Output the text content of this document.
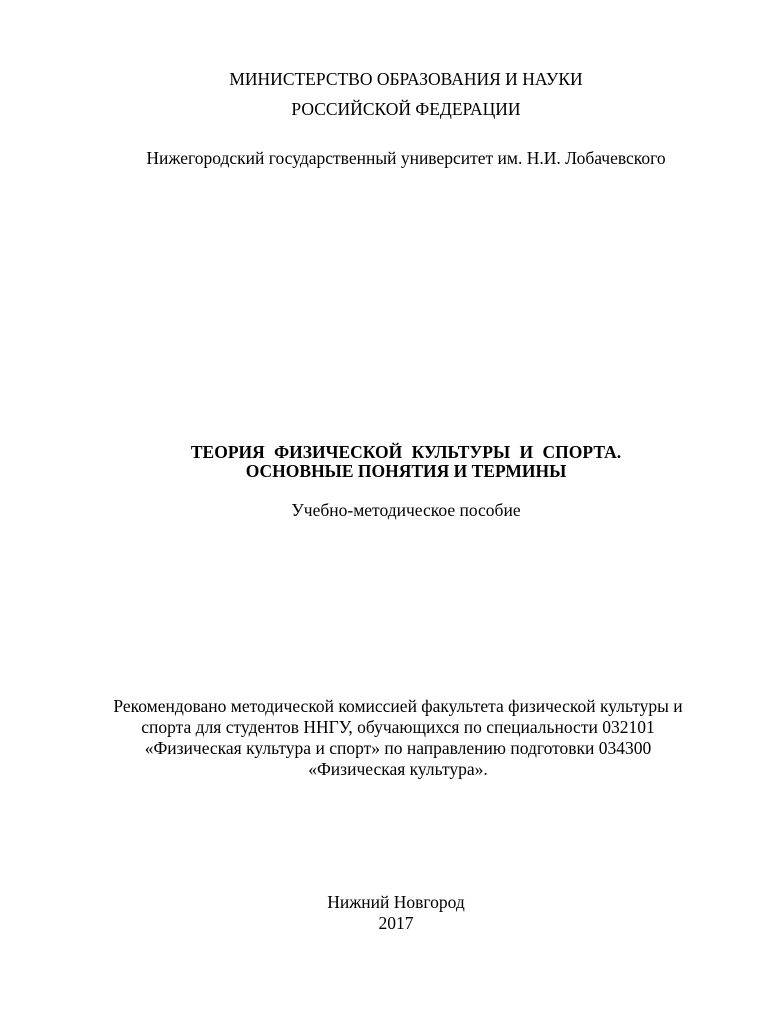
МИНИСТЕРСТВО ОБРАЗОВАНИЯ И НАУКИ
РОССИЙСКОЙ ФЕДЕРАЦИИ
Нижегородский государственный университет им. Н.И. Лобачевского
ТЕОРИЯ ФИЗИЧЕСКОЙ КУЛЬТУРЫ И СПОРТА.
ОСНОВНЫЕ ПОНЯТИЯ И ТЕРМИНЫ
Учебно-методическое пособие
Рекомендовано методической комиссией факультета физической культуры и
спорта для студентов ННГУ, обучающихся по специальности 032101
«Физическая культура и спорт» по направлению подготовки 034300
«Физическая культура».
Нижний Новгород
2017
